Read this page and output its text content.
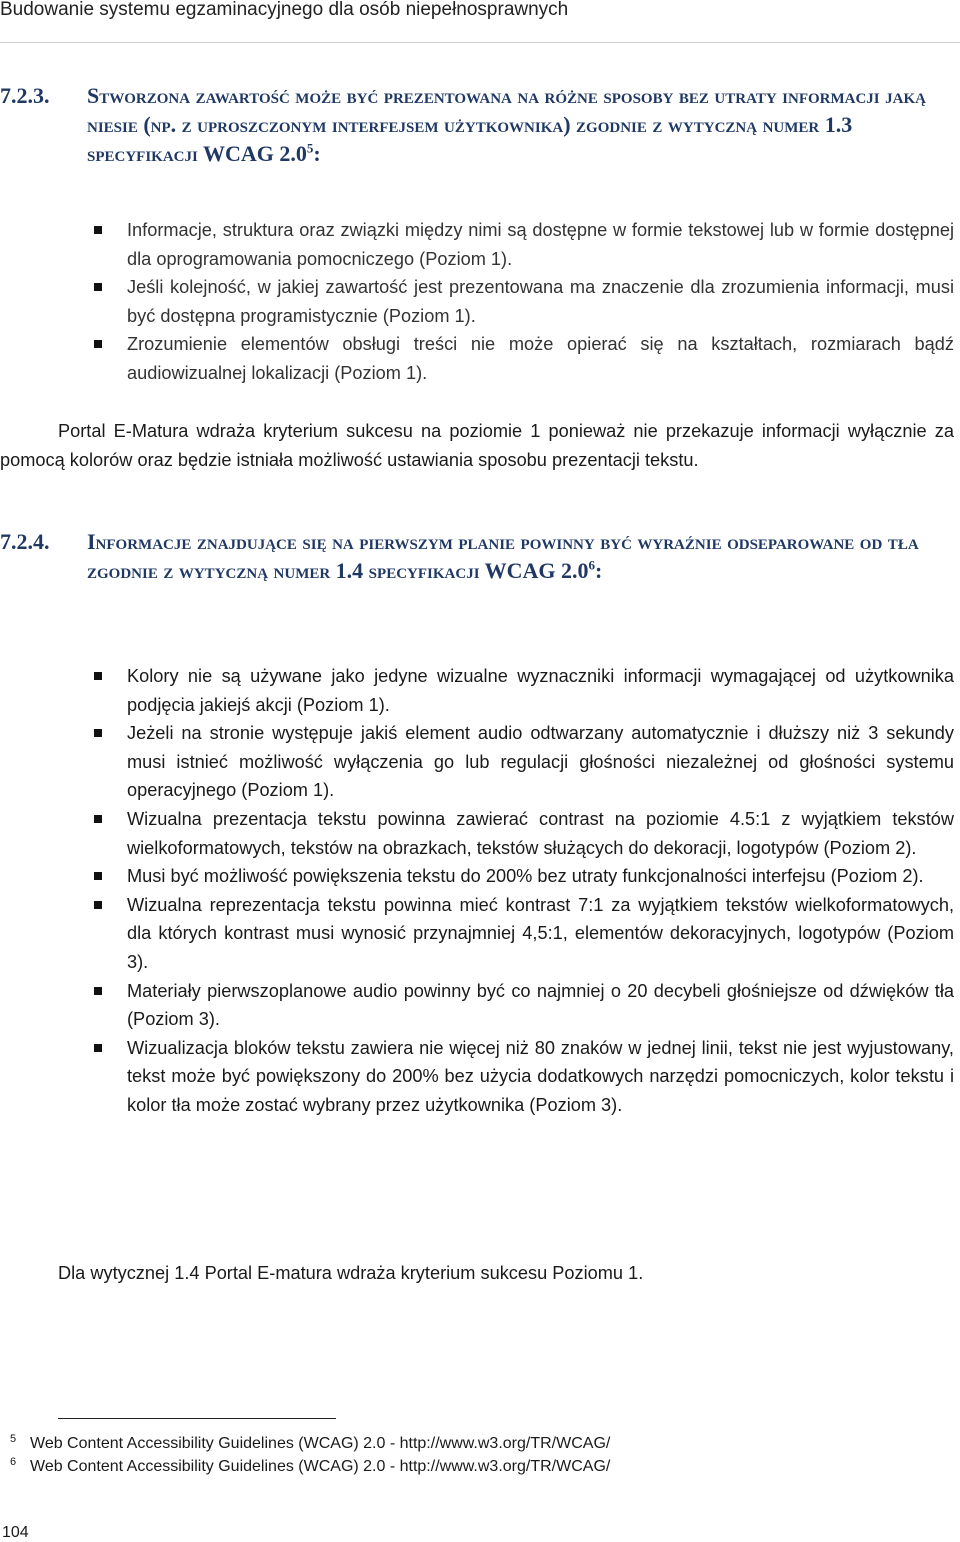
Budowanie systemu egzaminacyjnego dla osób niepełnosprawnych
7.2.3. Stworzona zawartość może być prezentowana na różne sposoby bez utraty informacji jaką niesie (np. z uproszczonym interfejsem użytkownika) zgodnie z wytyczną numer 1.3 specyfikacji WCAG $2.0^5$:
Informacje, struktura oraz związki między nimi są dostępne w formie tekstowej lub w formie dostępnej dla oprogramowania pomocniczego (Poziom 1).
Jeśli kolejność, w jakiej zawartość jest prezentowana ma znaczenie dla zrozumienia informacji, musi być dostępna programistycznie (Poziom 1).
Zrozumienie elementów obsługi treści nie może opierać się na kształtach, rozmiarach bądź audiowizualnej lokalizacji (Poziom 1).
Portal E-Matura wdraża kryterium sukcesu na poziomie 1 ponieważ nie przekazuje informacji wyłącznie za pomocą kolorów oraz będzie istniała możliwość ustawiania sposobu prezentacji tekstu.
7.2.4. Informacje znajdujące się na pierwszym planie powinny być wyraźnie odseparowane od tła zgodnie z wytyczną numer 1.4 specyfikacji WCAG $2.0^6$:
Kolory nie są używane jako jedyne wizualne wyznaczniki informacji wymagającej od użytkownika podjęcia jakiejś akcji (Poziom 1).
Jeżeli na stronie występuje jakiś element audio odtwarzany automatycznie i dłuższy niż 3 sekundy musi istnieć możliwość wyłączenia go lub regulacji głośności niezależnej od głośności systemu operacyjnego (Poziom 1).
Wizualna prezentacja tekstu powinna zawierać contrast na poziomie 4.5:1 z wyjątkiem tekstów wielkoformatowych, tekstów na obrazkach, tekstów służących do dekoracji, logotypów (Poziom 2).
Musi być możliwość powiększenia tekstu do 200% bez utraty funkcjonalności interfejsu (Poziom 2).
Wizualna reprezentacja tekstu powinna mieć kontrast 7:1 za wyjątkiem tekstów wielkoformatowych, dla których kontrast musi wynosić przynajmniej 4,5:1, elementów dekoracyjnych, logotypów (Poziom 3).
Materiały pierwszoplanowe audio powinny być co najmniej o 20 decybeli głośniejsze od dźwięków tła (Poziom 3).
Wizualizacja bloków tekstu zawiera nie więcej niż 80 znaków w jednej linii, tekst nie jest wyjustowany, tekst może być powiększony do 200% bez użycia dodatkowych narzędzi pomocniczych, kolor tekstu i kolor tła może zostać wybrany przez użytkownika (Poziom 3).
Dla wytycznej 1.4 Portal E-matura wdraża kryterium sukcesu Poziomu 1.
5 Web Content Accessibility Guidelines (WCAG) 2.0 - http://www.w3.org/TR/WCAG/
6 Web Content Accessibility Guidelines (WCAG) 2.0 - http://www.w3.org/TR/WCAG/
104
